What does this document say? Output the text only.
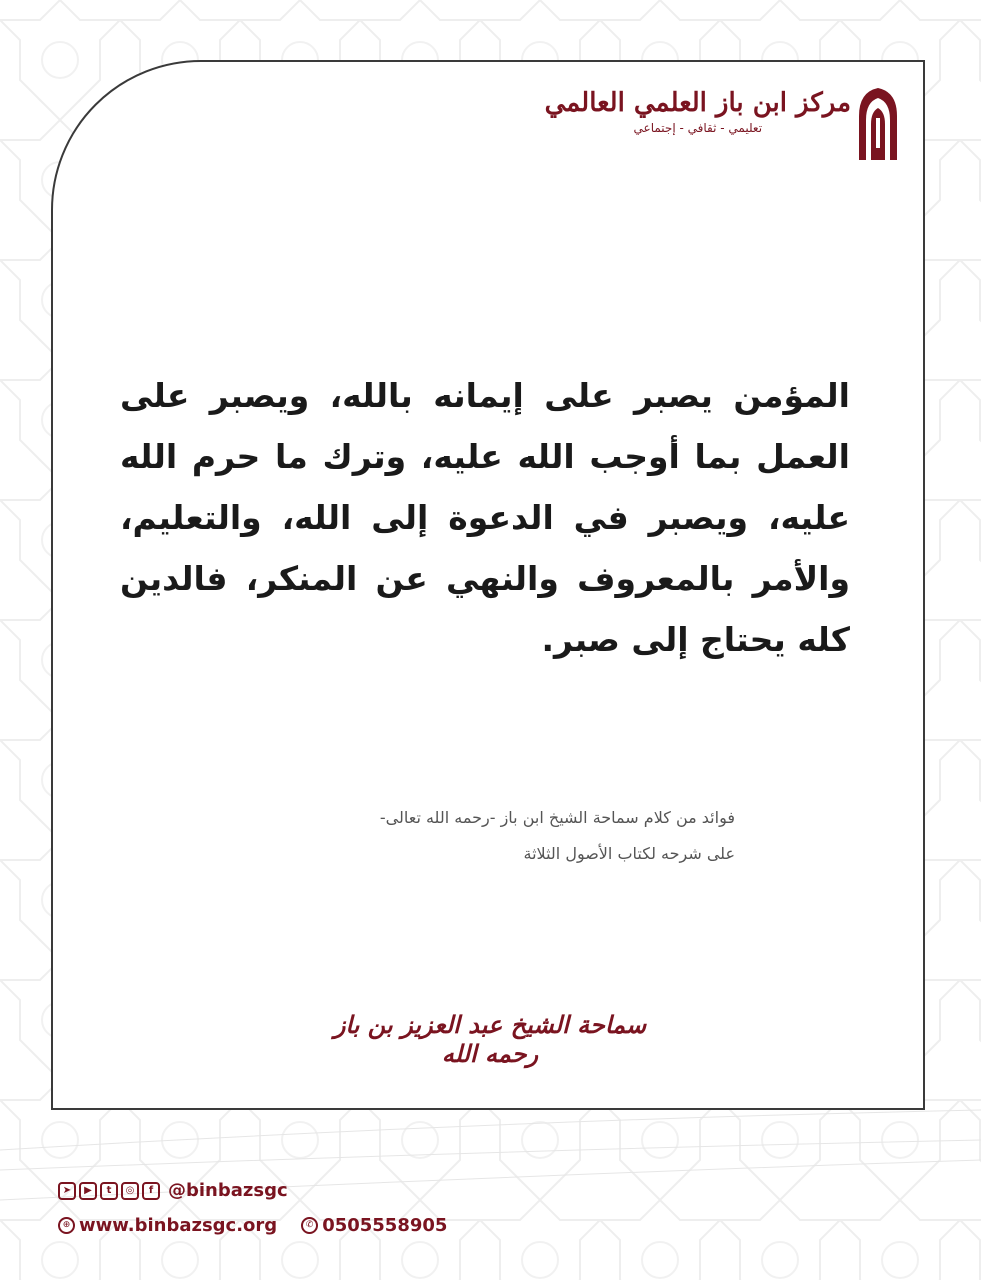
مركز ابن باز العلمي العالمي
تعليمي - ثقافي - إجتماعي
المؤمن يصبر على إيمانه بالله، ويصبر على العمل بما أوجب الله عليه، وترك ما حرم الله عليه، ويصبر في الدعوة إلى الله، والتعليم، والأمر بالمعروف والنهي عن المنكر، فالدين كله يحتاج إلى صبر.
فوائد من كلام سماحة الشيخ ابن باز -رحمه الله تعالى-
على شرحه لكتاب الأصول الثلاثة
سماحة الشيخ عبد العزيز بن باز رحمه الله
➤	▶	t	◎	f @binbazsgc
⊕ www.binbazsgc.org	✆ 0505558905
